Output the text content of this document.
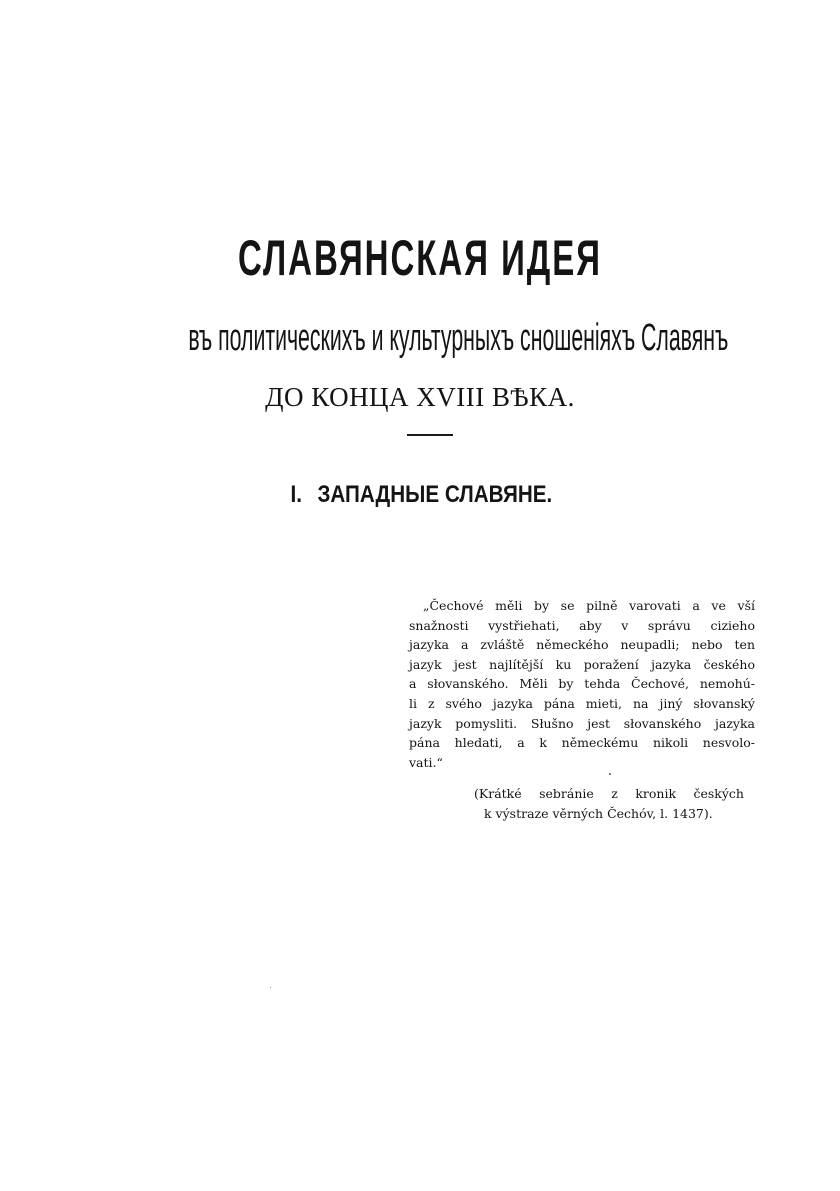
СЛАВЯНСКАЯ ИДЕЯ
въ политическихъ и культурныхъ сношеніяхъ Славянъ
ДО КОНЦА XVIII ВѢКА.
I. ЗАПАДНЫЕ СЛАВЯНЕ.
„Čechové měli by se pilně varovati a ve vší
snažnosti vystřiehati, aby v správu cizieho
jazyka a zvláště německého neupadli; nebo ten
jazyk jest najlítější ku poražení jazyka českého
a słovanského. Měli by tehda Čechové, nemohú-
li z svého jazyka pána mieti, na jiný słovanský
jazyk pomysliti. Słušno jest słovanského jazyka
pána hledati, a k německému nikoli nesvolo-
vati.“
(Krátké sebránie z kronik českých
k výstraze věrných Čechóv, l. 1437).
